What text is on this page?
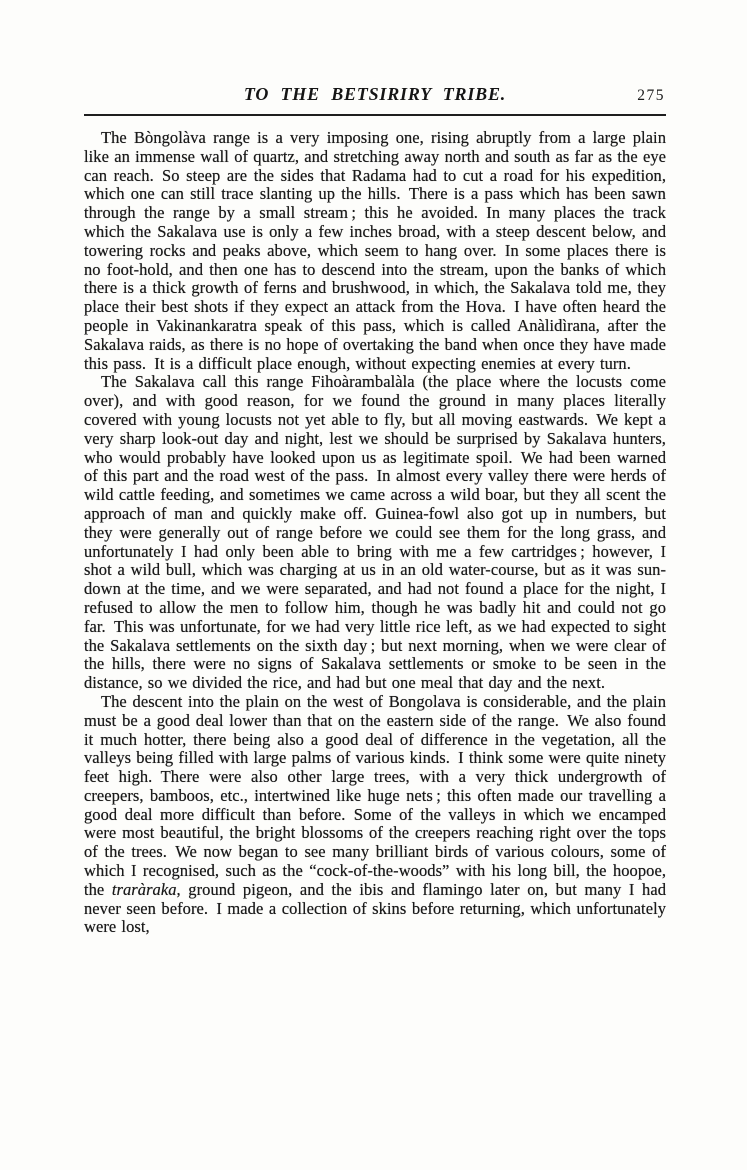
TO THE BETSIRIRY TRIBE.	275

The Bòngolàva range is a very imposing one, rising abruptly from a large plain like an immense wall of quartz, and stretching away north and south as far as the eye can reach. So steep are the sides that Radama had to cut a road for his expedition, which one can still trace slanting up the hills. There is a pass which has been sawn through the range by a small stream ; this he avoided. In many places the track which the Sakalava use is only a few inches broad, with a steep descent below, and towering rocks and peaks above, which seem to hang over. In some places there is no foot-hold, and then one has to descend into the stream, upon the banks of which there is a thick growth of ferns and brushwood, in which, the Sakalava told me, they place their best shots if they expect an attack from the Hova. I have often heard the people in Vakinankaratra speak of this pass, which is called Anàlidìrana, after the Sakalava raids, as there is no hope of overtaking the band when once they have made this pass. It is a difficult place enough, without expecting enemies at every turn.

The Sakalava call this range Fihoàrambalàla (the place where the locusts come over), and with good reason, for we found the ground in many places literally covered with young locusts not yet able to fly, but all moving eastwards. We kept a very sharp look-out day and night, lest we should be surprised by Sakalava hunters, who would probably have looked upon us as legitimate spoil. We had been warned of this part and the road west of the pass. In almost every valley there were herds of wild cattle feeding, and sometimes we came across a wild boar, but they all scent the approach of man and quickly make off. Guinea-fowl also got up in numbers, but they were generally out of range before we could see them for the long grass, and unfortunately I had only been able to bring with me a few cartridges ; however, I shot a wild bull, which was charging at us in an old water-course, but as it was sun-down at the time, and we were separated, and had not found a place for the night, I refused to allow the men to follow him, though he was badly hit and could not go far. This was unfortunate, for we had very little rice left, as we had expected to sight the Sakalava settlements on the sixth day ; but next morning, when we were clear of the hills, there were no signs of Sakalava settlements or smoke to be seen in the distance, so we divided the rice, and had but one meal that day and the next.

The descent into the plain on the west of Bongolava is considerable, and the plain must be a good deal lower than that on the eastern side of the range. We also found it much hotter, there being also a good deal of difference in the vegetation, all the valleys being filled with large palms of various kinds. I think some were quite ninety feet high. There were also other large trees, with a very thick undergrowth of creepers, bamboos, etc., intertwined like huge nets ; this often made our travelling a good deal more difficult than before. Some of the valleys in which we encamped were most beautiful, the bright blossoms of the creepers reaching right over the tops of the trees. We now began to see many brilliant birds of various colours, some of which I recognised, such as the “cock-of-the-woods” with his long bill, the hoopoe, the traràraka, ground pigeon, and the ibis and flamingo later on, but many I had never seen before. I made a collection of skins before returning, which unfortunately were lost,
